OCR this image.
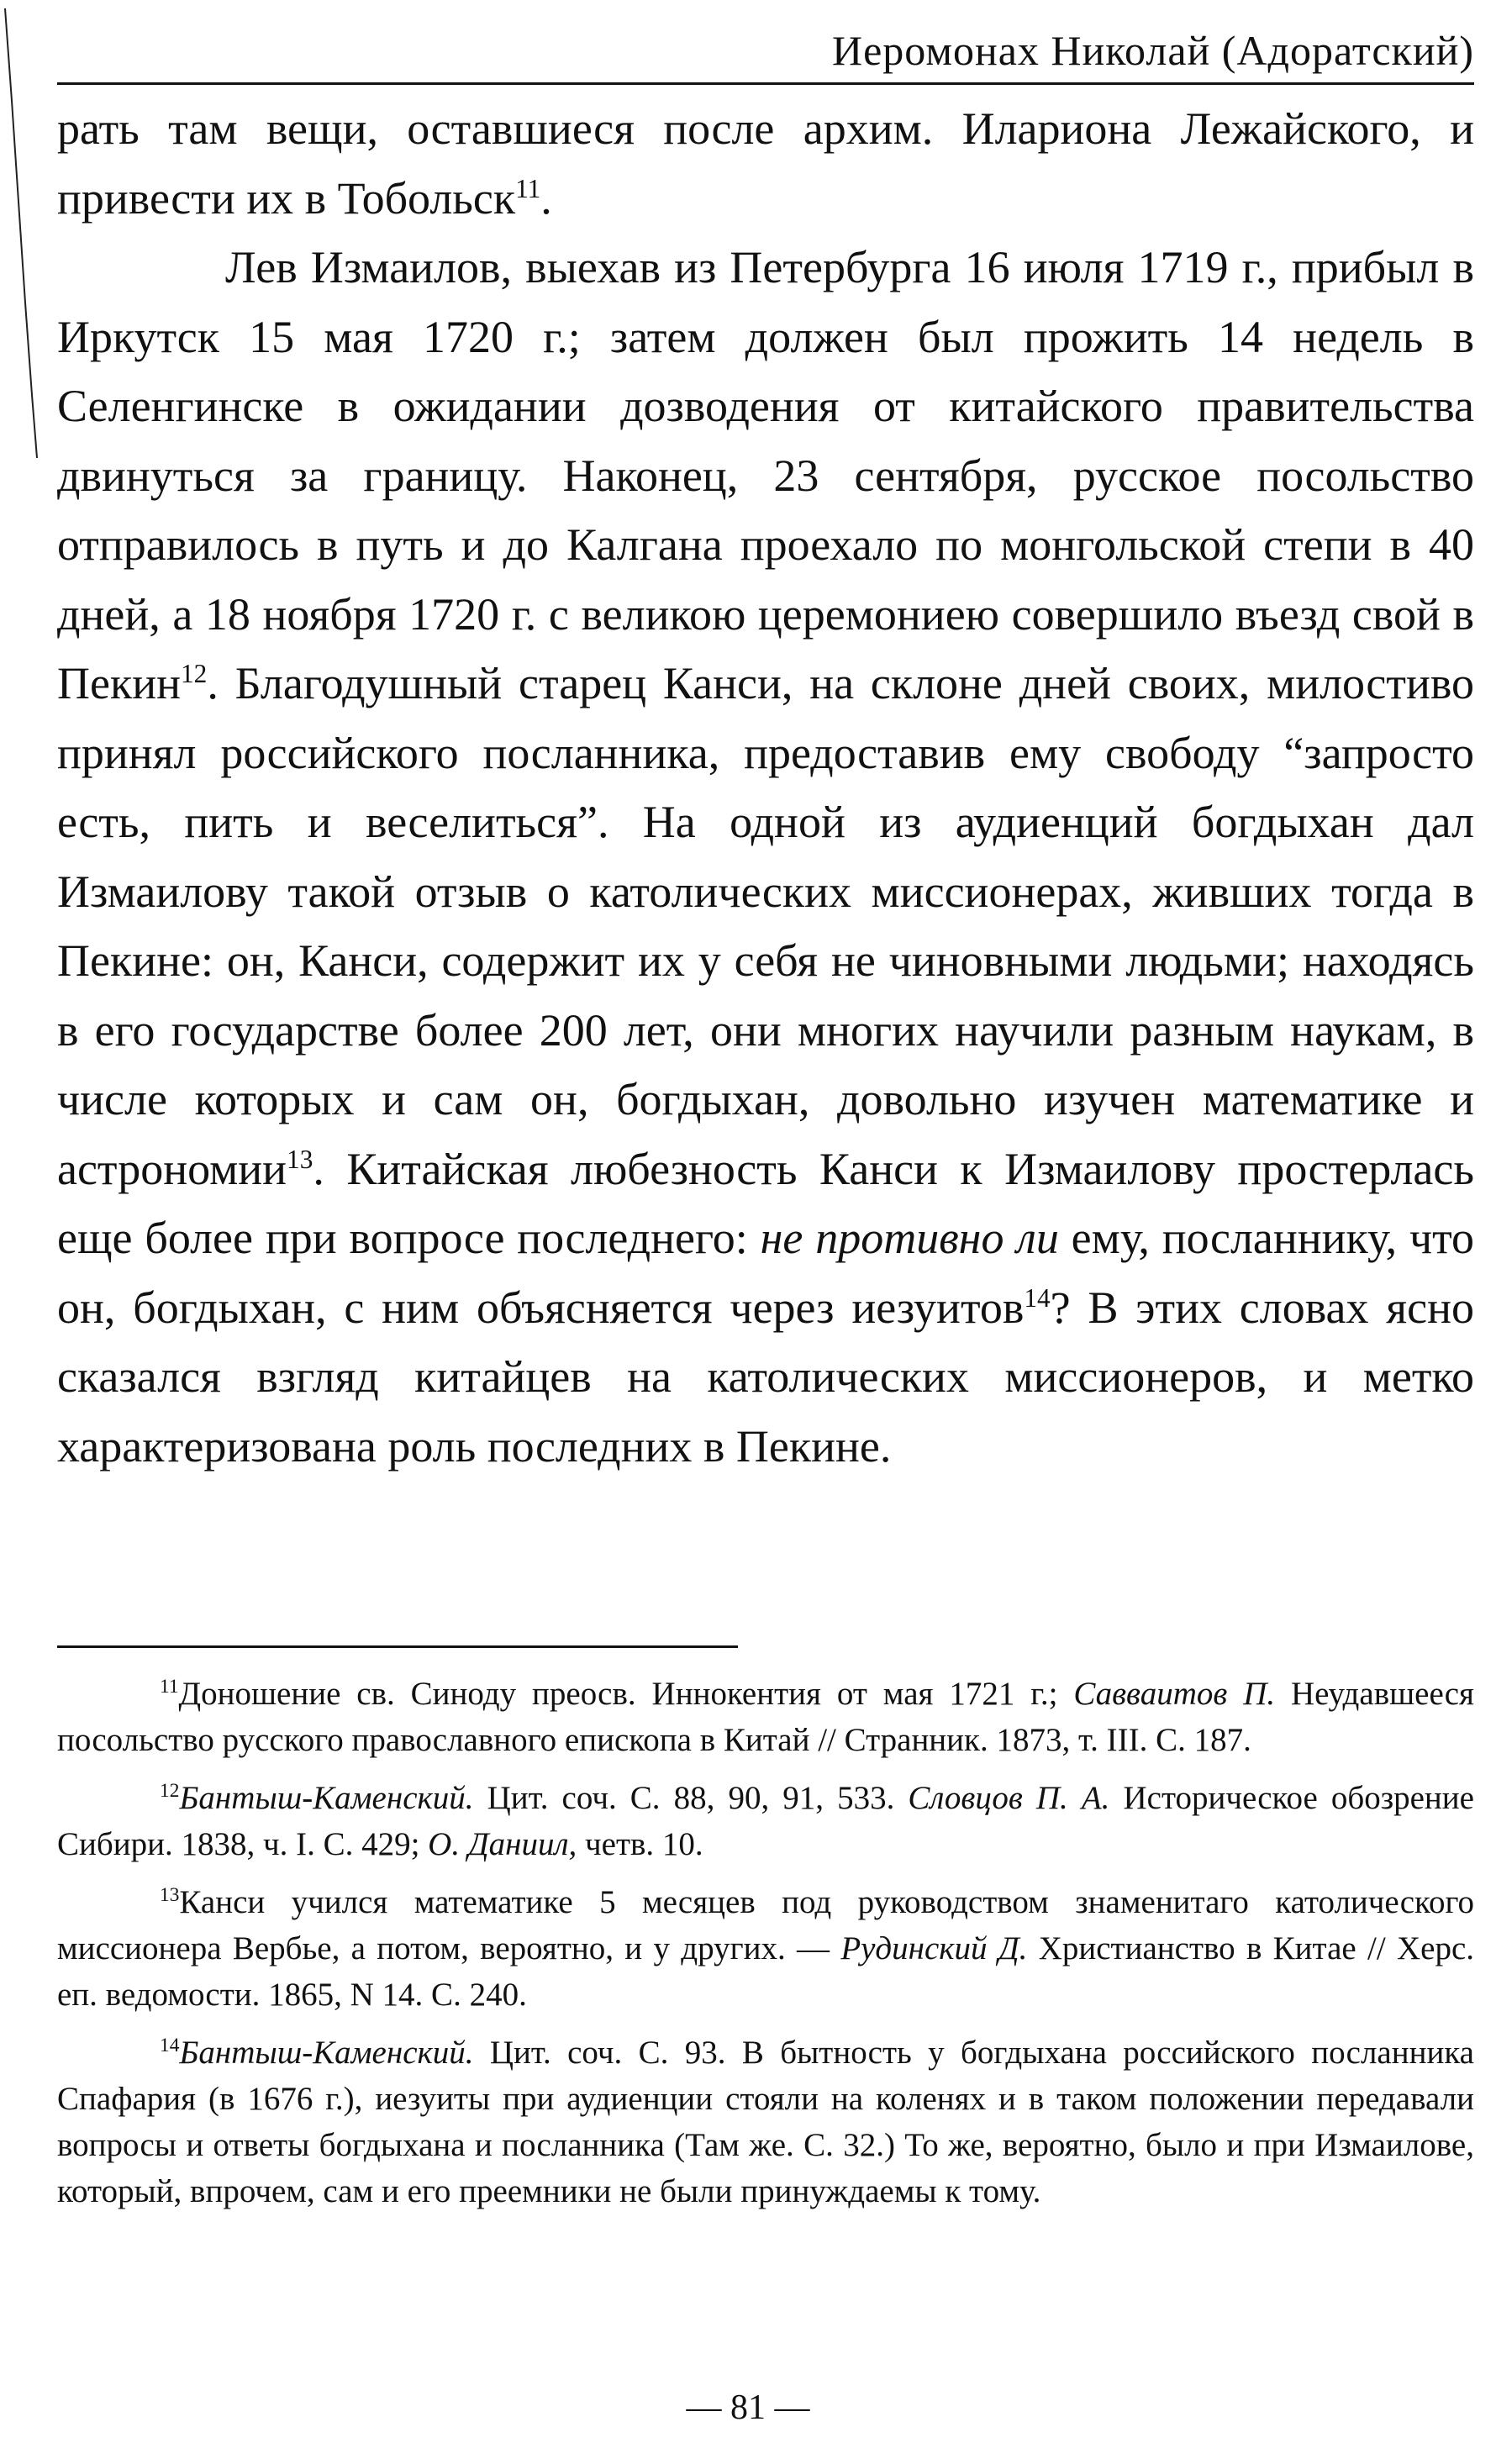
Иеромонах Николай (Адоратский)

рать там вещи, оставшиеся после архим. Илариона Лежайского, и привести их в Тобольск$^{11}$.

Лев Измаилов, выехав из Петербурга 16 июля 1719 г., прибыл в Иркутск 15 мая 1720 г.; затем должен был прожить 14 недель в Селенгинске в ожидании дозводения от китайского правительства двинуться за границу. Наконец, 23 сентября, русское посольство отправилось в путь и до Калгана проехало по монгольской степи в 40 дней, а 18 ноября 1720 г. с великою церемониею совершило въезд свой в Пекин$^{12}$. Благодушный старец Канси, на склоне дней своих, милостиво принял российского посланника, предоставив ему свободу “запросто есть, пить и веселиться”. На одной из аудиенций богдыхан дал Измаилову такой отзыв о католических миссионерах, живших тогда в Пекине: он, Канси, содержит их у себя не чиновными людьми; находясь в его государстве более 200 лет, они многих научили разным наукам, в числе которых и сам он, богдыхан, довольно изучен математике и астрономии$^{13}$. Китайская любезность Канси к Измаилову простерлась еще более при вопросе последнего: не противно ли ему, посланнику, что он, богдыхан, с ним объясняется через иезуитов$^{14}$? В этих словах ясно сказался взгляд китайцев на католических миссионеров, и метко характеризована роль последних в Пекине.

$^{11}$Доношение св. Синоду преосв. Иннокентия от мая 1721 г.; Савваитов П. Неудавшееся посольство русского православного епископа в Китай // Странник. 1873, т. III. С. 187.

$^{12}$Бантыш-Каменский. Цит. соч. С. 88, 90, 91, 533. Словцов П. А. Историческое обозрение Сибири. 1838, ч. I. С. 429; О. Даниил, четв. 10.

$^{13}$Канси учился математике 5 месяцев под руководством знаменитаго католического миссионера Вербье, а потом, вероятно, и у других. — Рудинский Д. Христианство в Китае // Херс. еп. ведомости. 1865, N 14. С. 240.

$^{14}$Бантыш-Каменский. Цит. соч. С. 93. В бытность у богдыхана российского посланника Спафария (в 1676 г.), иезуиты при аудиенции стояли на коленях и в таком положении передавали вопросы и ответы богдыхана и посланника (Там же. С. 32.) То же, вероятно, было и при Измаилове, который, впрочем, сам и его преемники не были принуждаемы к тому.

— 81 —
